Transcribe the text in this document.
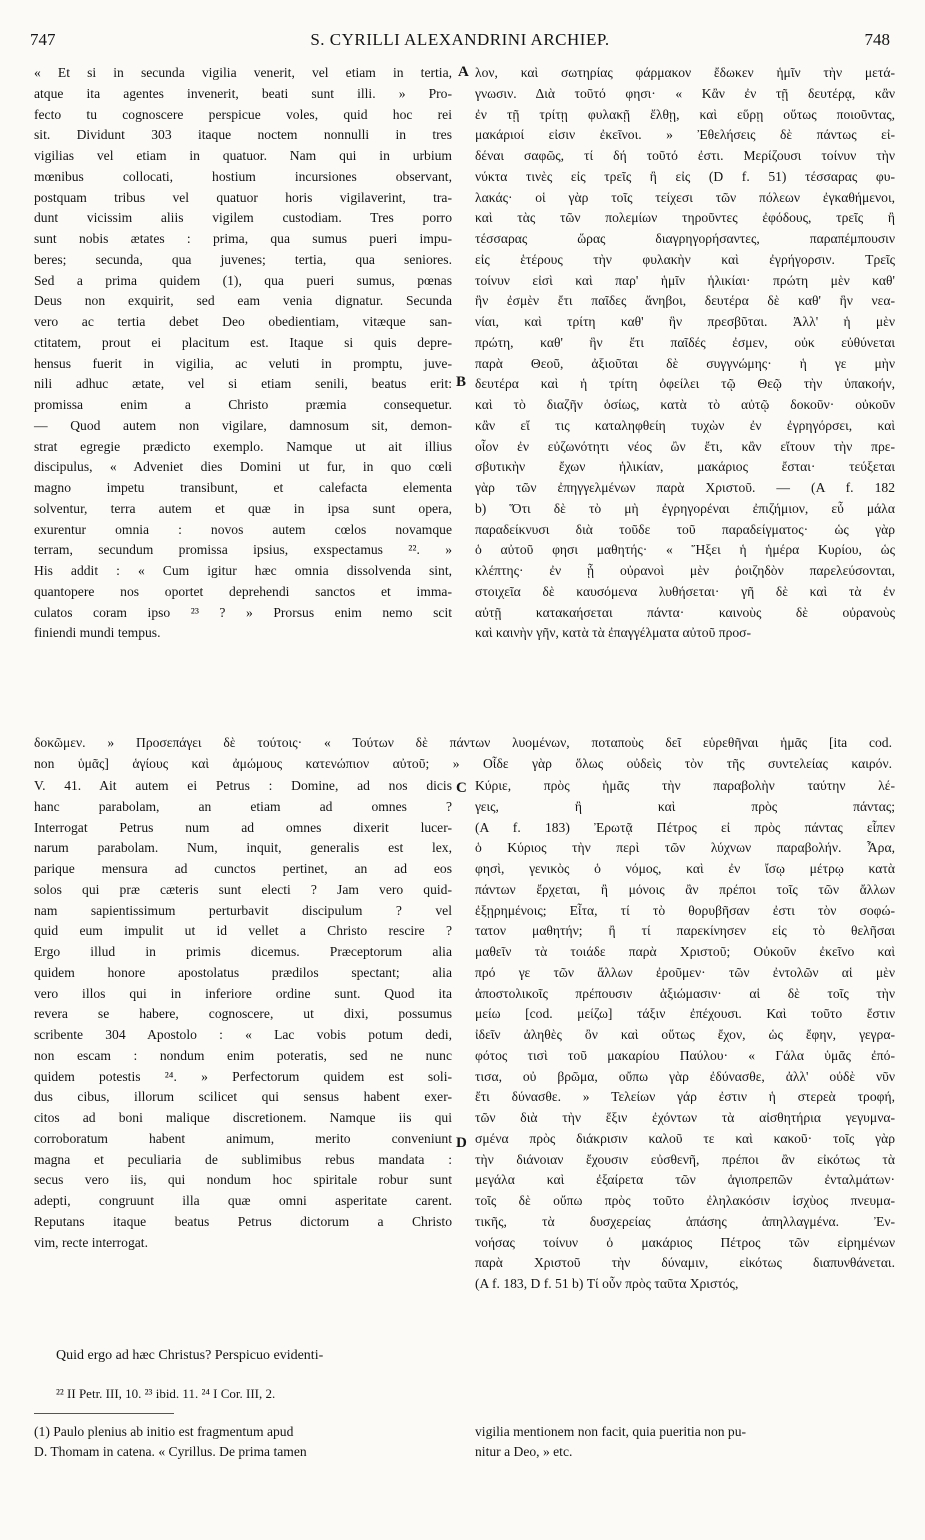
747	S. CYRILLI ALEXANDRINI ARCHIEP.	748
« Et si in secunda vigilia venerit, vel etiam in tertia,
atque ita agentes invenerit, beati sunt illi. » Pro-
fecto tu cognoscere perspicue voles, quid hoc rei
sit. Dividunt 303 itaque noctem nonnulli in tres
vigilias vel etiam in quatuor. Nam qui in urbium
mœnibus collocati, hostium incursiones observant,
postquam tribus vel quatuor horis vigilaverint, tra-
dunt vicissim aliis vigilem custodiam. Tres porro
sunt nobis ætates : prima, qua sumus pueri impu-
beres; secunda, qua juvenes; tertia, qua seniores.
Sed a prima quidem (1), qua pueri sumus, pœnas
Deus non exquirit, sed eam venia dignatur. Secunda
vero ac tertia debet Deo obedientiam, vitæque san-
ctitatem, prout ei placitum est. Itaque si quis depre-
hensus fuerit in vigilia, ac veluti in promptu, juve-
nili adhuc ætate, vel si etiam senili, beatus erit:
promissa enim a Christo præmia consequetur.
— Quod autem non vigilare, damnosum sit, demon-
strat egregie prædicto exemplo. Namque ut ait illius
discipulus, « Adveniet dies Domini ut fur, in quo cœli
magno impetu transibunt, et calefacta elementa
solventur, terra autem et quæ in ipsa sunt opera,
exurentur omnia : novos autem cœlos novamque
terram, secundum promissa ipsius, exspectamus ²². »
His addit : « Cum igitur hæc omnia dissolvenda sint,
quantopere nos oportet deprehendi sanctos et imma-
culatos coram ipso ²³ ? » Prorsus enim nemo scit
finiendi mundi tempus.
λον, καὶ σωτηρίας φάρμακον ἔδωκεν ἡμῖν τὴν μετά-
γνωσιν. Διὰ τοῦτό φησι· « Κἂν ἐν τῇ δευτέρᾳ, κἂν
ἐν τῇ τρίτῃ φυλακῇ ἔλθῃ, καὶ εὕρῃ οὕτως ποιοῦντας,
μακάριοί εἰσιν ἐκεῖνοι. » Ἐθελήσεις δὲ πάντως εἰ-
δέναι σαφῶς, τί δή τοῦτό ἐστι. Μερίζουσι τοίνυν τὴν
νύκτα τινὲς εἰς τρεῖς ἢ εἰς (D f. 51) τέσσαρας φυ-
λακάς· οἱ γὰρ τοῖς τείχεσι τῶν πόλεων ἐγκαθήμενοι,
καὶ τὰς τῶν πολεμίων τηροῦντες ἐφόδους, τρεῖς ἢ
τέσσαρας ὥρας διαγρηγορήσαντες, παραπέμπουσιν
εἰς ἑτέρους τὴν φυλακὴν καὶ ἐγρήγορσιν. Τρεῖς
τοίνυν εἰσὶ καὶ παρ' ἡμῖν ἡλικίαι· πρώτη μὲν καθ'
ἣν ἐσμὲν ἔτι παῖδες ἄνηβοι, δευτέρα δὲ καθ' ἣν νεα-
νίαι, καὶ τρίτη καθ' ἣν πρεσβῦται. Ἀλλ' ἡ μὲν
πρώτη, καθ' ἣν ἔτι παῖδές ἐσμεν, οὐκ εὐθύνεται
παρὰ Θεοῦ, ἀξιοῦται δὲ συγγνώμης· ἡ γε μὴν
δευτέρα καὶ ἡ τρίτη ὀφείλει τῷ Θεῷ τὴν ὑπακοήν,
καὶ τὸ διαζῆν ὁσίως, κατὰ τὸ αὐτῷ δοκοῦν· οὐκοῦν
κἂν εἴ τις καταληφθείη τυχὼν ἐν ἐγρηγόρσει, καὶ
οἷον ἐν εὐζωνότητι νέος ὢν ἔτι, κἂν εἴτουν τὴν πρε-
σβυτικὴν ἔχων ἡλικίαν, μακάριος ἔσται· τεύξεται
γὰρ τῶν ἐπηγγελμένων παρὰ Χριστοῦ. — (A f. 182
b) Ὅτι δὲ τὸ μὴ ἐγρηγορέναι ἐπιζήμιον, εὖ μάλα
παραδείκνυσι διὰ τοῦδε τοῦ παραδείγματος· ὡς γὰρ
ὁ αὐτοῦ φησι μαθητής· « Ἥξει ἡ ἡμέρα Κυρίου, ὡς
κλέπτης· ἐν ᾗ οὐρανοὶ μὲν ῥοιζηδὸν παρελεύσονται,
στοιχεῖα δὲ καυσόμενα λυθήσεται· γῆ δὲ καὶ τὰ ἐν
αὐτῇ κατακαήσεται πάντα· καινοὺς δὲ οὐρανοὺς
καὶ καινὴν γῆν, κατὰ τὰ ἐπαγγέλματα αὐτοῦ προσ-
A
B
δοκῶμεν. » Προσεπάγει δὲ τούτοις· « Τούτων δὲ πάντων λυομένων, ποταποὺς δεῖ εὑρεθῆναι ἡμᾶς [ita cod.
non ὑμᾶς] ἁγίους καὶ ἀμώμους κατενώπιον αὐτοῦ; » Οἶδε γὰρ ὅλως οὐδεὶς τὸν τῆς συντελείας καιρόν.
V. 41. Ait autem ei Petrus : Domine, ad nos dicis
hanc parabolam, an etiam ad omnes ?
Interrogat Petrus num ad omnes dixerit lucer-
narum parabolam. Num, inquit, generalis est lex,
parique mensura ad cunctos pertinet, an ad eos
solos qui præ cæteris sunt electi ? Jam vero quid-
nam sapientissimum perturbavit discipulum ? vel
quid eum impulit ut id vellet a Christo rescire ?
Ergo illud in primis dicemus. Præceptorum alia
quidem honore apostolatus prædilos spectant; alia
vero illos qui in inferiore ordine sunt. Quod ita
revera se habere, cognoscere, ut dixi, possumus
scribente 304 Apostolo : « Lac vobis potum dedi,
non escam : nondum enim poteratis, sed ne nunc
quidem potestis ²⁴. » Perfectorum quidem est soli-
dus cibus, illorum scilicet qui sensus habent exer-
citos ad boni malique discretionem. Namque iis qui
corroboratum habent animum, merito conveniunt
magna et peculiaria de sublimibus rebus mandata :
secus vero iis, qui nondum hoc spiritale robur sunt
adepti, congruunt illa quæ omni asperitate carent.
Reputans itaque beatus Petrus dictorum a Christo
vim, recte interrogat.
Κύριε, πρὸς ἡμᾶς τὴν παραβολὴν ταύτην λέ-
γεις, ἢ καὶ πρὸς πάντας;
(A f. 183) Ἐρωτᾷ Πέτρος εἰ πρὸς πάντας εἶπεν
ὁ Κύριος τὴν περὶ τῶν λύχνων παραβολήν. Ἆρα,
φησὶ, γενικὸς ὁ νόμος, καὶ ἐν ἴσῳ μέτρῳ κατὰ
πάντων ἔρχεται, ἢ μόνοις ἂν πρέποι τοῖς τῶν ἄλλων
ἐξῃρημένοις; Εἶτα, τί τὸ θορυβῆσαν ἐστι τὸν σοφώ-
τατον μαθητήν; ἢ τί παρεκίνησεν εἰς τὸ θελῆσαι
μαθεῖν τὰ τοιάδε παρὰ Χριστοῦ; Οὐκοῦν ἐκεῖνο καὶ
πρό γε τῶν ἄλλων ἐροῦμεν· τῶν ἐντολῶν αἱ μὲν
ἀποστολικοῖς πρέπουσιν ἀξιώμασιν· αἱ δὲ τοῖς τὴν
μείω [cod. μείζω] τάξιν ἐπέχουσι. Καὶ τοῦτο ἔστιν
ἰδεῖν ἀληθὲς ὂν καὶ οὕτως ἔχον, ὡς ἔφην, γεγρα-
φότος τισὶ τοῦ μακαρίου Παύλου· « Γάλα ὑμᾶς ἐπό-
τισα, οὐ βρῶμα, οὔπω γὰρ ἐδύνασθε, ἀλλ' οὐδὲ νῦν
ἔτι δύνασθε. » Τελείων γάρ ἐστιν ἡ στερεὰ τροφή,
τῶν διὰ τὴν ἕξιν ἐχόντων τὰ αἰσθητήρια γεγυμνα-
σμένα πρὸς διάκρισιν καλοῦ τε καὶ κακοῦ· τοῖς γὰρ
τὴν διάνοιαν ἔχουσιν εὐσθενῆ, πρέποι ἂν εἰκότως τὰ
μεγάλα καὶ ἐξαίρετα τῶν ἁγιοπρεπῶν ἐνταλμάτων·
τοῖς δὲ οὔπω πρὸς τοῦτο ἐληλακόσιν ἰσχὺος πνευμα-
τικῆς, τὰ δυσχερείας ἁπάσης ἀπηλλαγμένα. Ἐν-
νοήσας τοίνυν ὁ μακάριος Πέτρος τῶν εἰρημένων
παρὰ Χριστοῦ τὴν δύναμιν, εἰκότως διαπυνθάνεται.
(A f. 183, D f. 51 b) Τί οὖν πρὸς ταῦτα Χριστός,
C
D
Quid ergo ad hæc Christus? Perspicuo evidenti-
²² II Petr. III, 10. ²³ ibid. 11. ²⁴ I Cor. III, 2.
(1) Paulo plenius ab initio est fragmentum apud
D. Thomam in catena. « Cyrillus. De prima tamen
vigilia mentionem non facit, quia pueritia non pu-
nitur a Deo, » etc.
